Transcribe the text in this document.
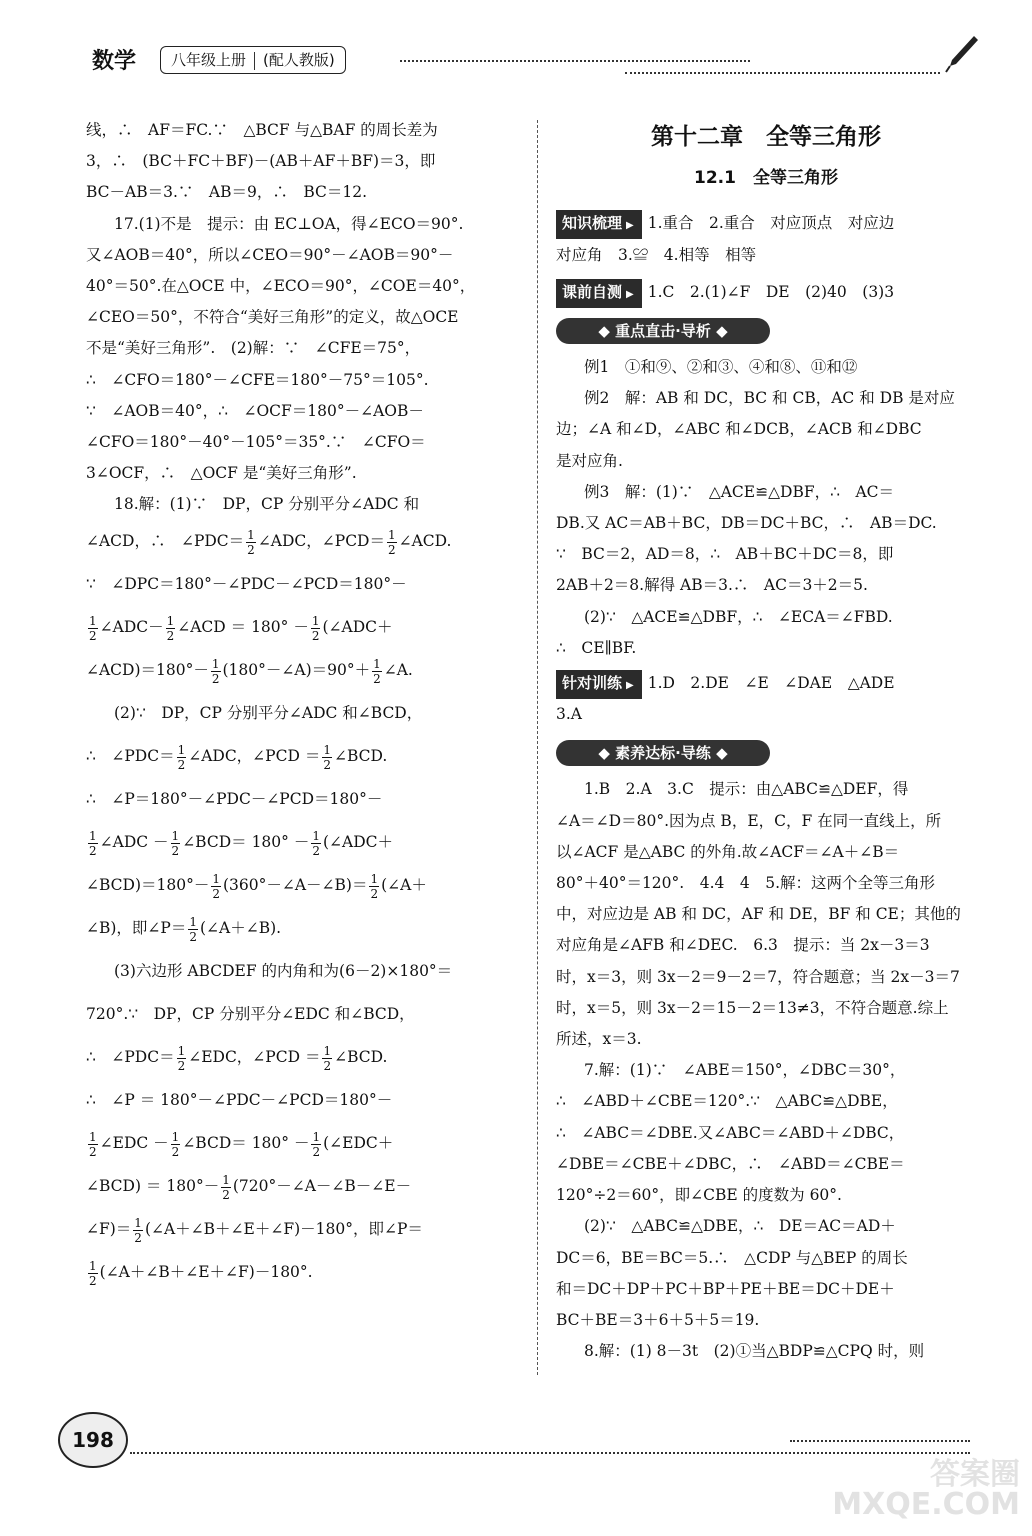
数学	八年级上册 (配人教版)

线，∴　AF＝FC.∵　△BCF 与△BAF 的周长差为

3，∴　(BC＋FC＋BF)－(AB＋AF＋BF)＝3，即

BC－AB＝3.∵　AB＝9，∴　BC＝12.

17.(1)不是　提示：由 EC⊥OA，得∠ECO＝90°.

又∠AOB＝40°，所以∠CEO＝90°－∠AOB＝90°－

40°＝50°.在△OCE 中，∠ECO＝90°，∠COE＝40°，

∠CEO＝50°，不符合“美好三角形”的定义，故△OCE

不是“美好三角形”.　(2)解：∵　∠CFE＝75°，

∴　∠CFO＝180°－∠CFE＝180°－75°＝105°.

∵　∠AOB＝40°，∴　∠OCF＝180°－∠AOB－

∠CFO＝180°－40°－105°＝35°.∵　∠CFO＝

3∠OCF，∴　△OCF 是“美好三角形”.

18.解：(1)∵　DP，CP 分别平分∠ADC 和

∠ACD，∴　∠PDC＝ $\frac{1}{2}$ ∠ADC，∠PCD＝ $\frac{1}{2}$ ∠ACD.

∵　∠DPC＝180°－∠PDC－∠PCD＝180°－

$\frac{1}{2}$ ∠ADC－ $\frac{1}{2}$ ∠ACD ＝ $180^\circ - \frac{1}{2}$ (∠ADC＋

∠ACD)＝180°－ $\frac{1}{2}$ (180°－∠A)＝90°＋ $\frac{1}{2}$ ∠A.

(2)∵　DP，CP 分别平分∠ADC 和∠BCD，

∴　∠PDC＝ $\frac{1}{2}$ ∠ADC，∠PCD ＝ $\frac{1}{2}$ ∠BCD.

∴　∠P＝180°－∠PDC－∠PCD＝180°－

$\frac{1}{2}$ ∠ADC － $\frac{1}{2}$ ∠BCD＝ $180^\circ - \frac{1}{2}$ (∠ADC＋

∠BCD)＝180°－ $\frac{1}{2}$ (360°－∠A－∠B)＝ $\frac{1}{2}$ (∠A＋

∠B)，即∠P＝ $\frac{1}{2}$ (∠A＋∠B).

(3)六边形 ABCDEF 的内角和为(6－2)×180°＝

720°.∵　DP，CP 分别平分∠EDC 和∠BCD，

∴　∠PDC＝ $\frac{1}{2}$ ∠EDC，∠PCD ＝ $\frac{1}{2}$ ∠BCD.

∴　∠P ＝ 180°－∠PDC－∠PCD＝180°－

$\frac{1}{2}$ ∠EDC － $\frac{1}{2}$ ∠BCD＝ $180^\circ - \frac{1}{2}$ (∠EDC＋

∠BCD) ＝ $180^\circ- \frac{1}{2}$ (720°－∠A－∠B－∠E－

∠F)＝ $\frac{1}{2}$ (∠A＋∠B＋∠E＋∠F)－180°，即∠P＝

$\frac{1}{2}$ (∠A＋∠B＋∠E＋∠F)－180°.

第十二章　全等三角形
12.1　全等三角形

知识梳理 ▶ 1.重合　2.重合　对应顶点　对应边

对应角　3.≌　4.相等　相等

课前自测 ▶ 1.C　2.(1)∠F　DE　(2)40　(3)3

◆ 重点直击·导析 ◆

例1　①和⑨、②和③、④和⑧、⑪和⑫

例2　解：AB 和 DC，BC 和 CB，AC 和 DB 是对应

边；∠A 和∠D，∠ABC 和∠DCB，∠ACB 和∠DBC

是对应角.

例3　解：(1)∵　△ACE≌△DBF，∴　AC＝

DB.又 AC＝AB＋BC，DB＝DC＋BC，∴　AB＝DC.

∵　BC＝2，AD＝8，∴　AB＋BC＋DC＝8，即

2AB＋2＝8.解得 AB＝3.∴　AC＝3＋2＝5.

(2)∵　△ACE≌△DBF，∴　∠ECA＝∠FBD.

∴　CE∥BF.

针对训练 ▶ 1.D　2.DE　∠E　∠DAE　△ADE

3.A

◆ 素养达标·导练 ◆

1.B　2.A　3.C　提示：由△ABC≌△DEF，得

∠A＝∠D＝80°.因为点 B，E，C，F 在同一直线上，所

以∠ACF 是△ABC 的外角.故∠ACF＝∠A＋∠B＝

80°＋40°＝120°.　4.4　4　5.解：这两个全等三角形

中，对应边是 AB 和 DC，AF 和 DE，BF 和 CE；其他的

对应角是∠AFB 和∠DEC.　6.3　提示：当 2x－3＝3

时，x＝3，则 3x－2＝9－2＝7，符合题意；当 2x－3＝7

时，x＝5，则 3x－2＝15－2＝13≠3，不符合题意.综上

所述，x＝3.

7.解：(1)∵　∠ABE＝150°，∠DBC＝30°，

∴　∠ABD＋∠CBE＝120°.∵　△ABC≌△DBE，

∴　∠ABC＝∠DBE.又∠ABC＝∠ABD＋∠DBC，

∠DBE＝∠CBE＋∠DBC，∴　∠ABD＝∠CBE＝

120°÷2＝60°，即∠CBE 的度数为 60°.

(2)∵　△ABC≌△DBE，∴　DE＝AC＝AD＋

DC＝6，BE＝BC＝5.∴　△CDP 与△BEP 的周长

和＝DC＋DP＋PC＋BP＋PE＋BE＝DC＋DE＋

BC＋BE＝3＋6＋5＋5＝19.

8.解：(1) 8－3t　(2)①当△BDP≌△CPQ 时，则

198
答案圈 MXQE.COM
